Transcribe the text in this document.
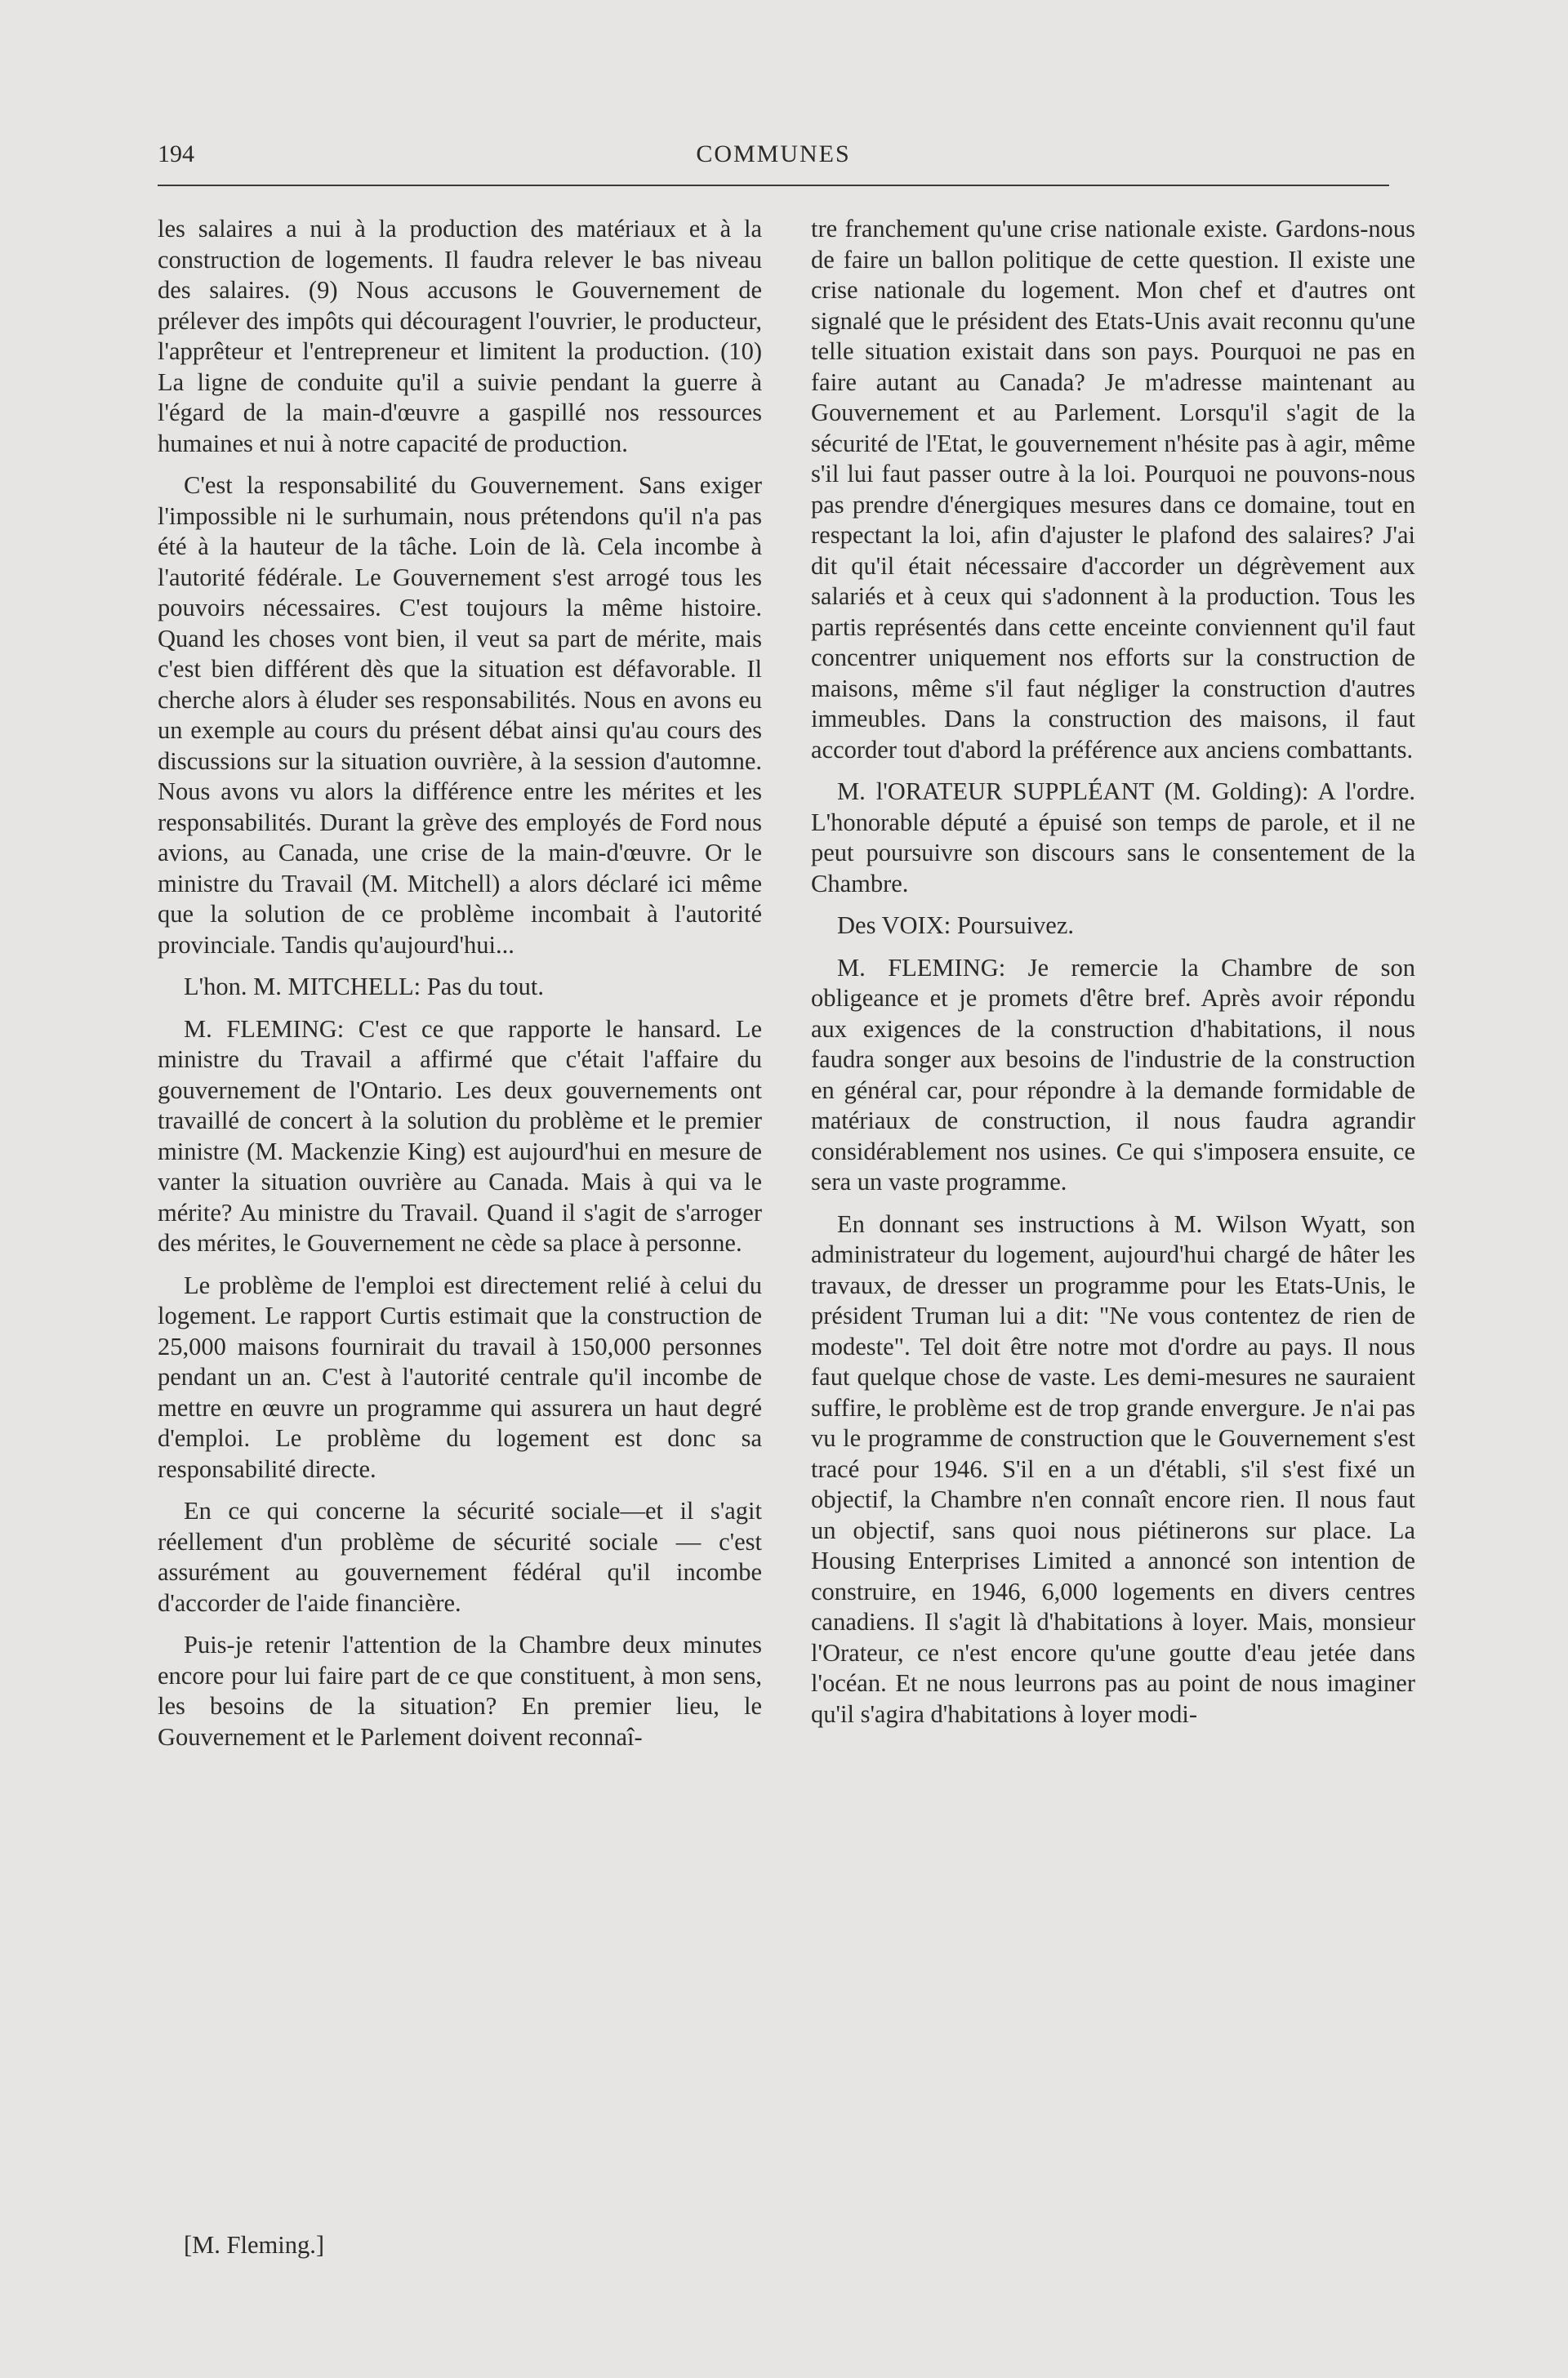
194	COMMUNES

les salaires a nui à la production des matériaux et à la construction de logements. Il faudra relever le bas niveau des salaires. (9) Nous accusons le Gouvernement de prélever des impôts qui découragent l'ouvrier, le producteur, l'apprêteur et l'entrepreneur et limitent la production. (10) La ligne de conduite qu'il a suivie pendant la guerre à l'égard de la main-d'œuvre a gaspillé nos ressources humaines et nui à notre capacité de production.

C'est la responsabilité du Gouvernement. Sans exiger l'impossible ni le surhumain, nous prétendons qu'il n'a pas été à la hauteur de la tâche. Loin de là. Cela incombe à l'autorité fédérale. Le Gouvernement s'est arrogé tous les pouvoirs nécessaires. C'est toujours la même histoire. Quand les choses vont bien, il veut sa part de mérite, mais c'est bien différent dès que la situation est défavorable. Il cherche alors à éluder ses responsabilités. Nous en avons eu un exemple au cours du présent débat ainsi qu'au cours des discussions sur la situation ouvrière, à la session d'automne. Nous avons vu alors la différence entre les mérites et les responsabilités. Durant la grève des employés de Ford nous avions, au Canada, une crise de la main-d'œuvre. Or le ministre du Travail (M. Mitchell) a alors déclaré ici même que la solution de ce problème incombait à l'autorité provinciale. Tandis qu'aujourd'hui...

L'hon. M. MITCHELL: Pas du tout.

M. FLEMING: C'est ce que rapporte le hansard. Le ministre du Travail a affirmé que c'était l'affaire du gouvernement de l'Ontario. Les deux gouvernements ont travaillé de concert à la solution du problème et le premier ministre (M. Mackenzie King) est aujourd'hui en mesure de vanter la situation ouvrière au Canada. Mais à qui va le mérite? Au ministre du Travail. Quand il s'agit de s'arroger des mérites, le Gouvernement ne cède sa place à personne.

Le problème de l'emploi est directement relié à celui du logement. Le rapport Curtis estimait que la construction de 25,000 maisons fournirait du travail à 150,000 personnes pendant un an. C'est à l'autorité centrale qu'il incombe de mettre en œuvre un programme qui assurera un haut degré d'emploi. Le problème du logement est donc sa responsabilité directe.

En ce qui concerne la sécurité sociale—et il s'agit réellement d'un problème de sécurité sociale — c'est assurément au gouvernement fédéral qu'il incombe d'accorder de l'aide financière.

Puis-je retenir l'attention de la Chambre deux minutes encore pour lui faire part de ce que constituent, à mon sens, les besoins de la situation? En premier lieu, le Gouvernement et le Parlement doivent reconnaî-

[M. Fleming.]

tre franchement qu'une crise nationale existe. Gardons-nous de faire un ballon politique de cette question. Il existe une crise nationale du logement. Mon chef et d'autres ont signalé que le président des Etats-Unis avait reconnu qu'une telle situation existait dans son pays. Pourquoi ne pas en faire autant au Canada? Je m'adresse maintenant au Gouvernement et au Parlement. Lorsqu'il s'agit de la sécurité de l'Etat, le gouvernement n'hésite pas à agir, même s'il lui faut passer outre à la loi. Pourquoi ne pouvons-nous pas prendre d'énergiques mesures dans ce domaine, tout en respectant la loi, afin d'ajuster le plafond des salaires? J'ai dit qu'il était nécessaire d'accorder un dégrèvement aux salariés et à ceux qui s'adonnent à la production. Tous les partis représentés dans cette enceinte conviennent qu'il faut concentrer uniquement nos efforts sur la construction de maisons, même s'il faut négliger la construction d'autres immeubles. Dans la construction des maisons, il faut accorder tout d'abord la préférence aux anciens combattants.

M. l'ORATEUR SUPPLÉANT (M. Golding): A l'ordre. L'honorable député a épuisé son temps de parole, et il ne peut poursuivre son discours sans le consentement de la Chambre.

Des VOIX: Poursuivez.

M. FLEMING: Je remercie la Chambre de son obligeance et je promets d'être bref. Après avoir répondu aux exigences de la construction d'habitations, il nous faudra songer aux besoins de l'industrie de la construction en général car, pour répondre à la demande formidable de matériaux de construction, il nous faudra agrandir considérablement nos usines. Ce qui s'imposera ensuite, ce sera un vaste programme.

En donnant ses instructions à M. Wilson Wyatt, son administrateur du logement, aujourd'hui chargé de hâter les travaux, de dresser un programme pour les Etats-Unis, le président Truman lui a dit: "Ne vous contentez de rien de modeste". Tel doit être notre mot d'ordre au pays. Il nous faut quelque chose de vaste. Les demi-mesures ne sauraient suffire, le problème est de trop grande envergure. Je n'ai pas vu le programme de construction que le Gouvernement s'est tracé pour 1946. S'il en a un d'établi, s'il s'est fixé un objectif, la Chambre n'en connaît encore rien. Il nous faut un objectif, sans quoi nous piétinerons sur place. La Housing Enterprises Limited a annoncé son intention de construire, en 1946, 6,000 logements en divers centres canadiens. Il s'agit là d'habitations à loyer. Mais, monsieur l'Orateur, ce n'est encore qu'une goutte d'eau jetée dans l'océan. Et ne nous leurrons pas au point de nous imaginer qu'il s'agira d'habitations à loyer modi-
